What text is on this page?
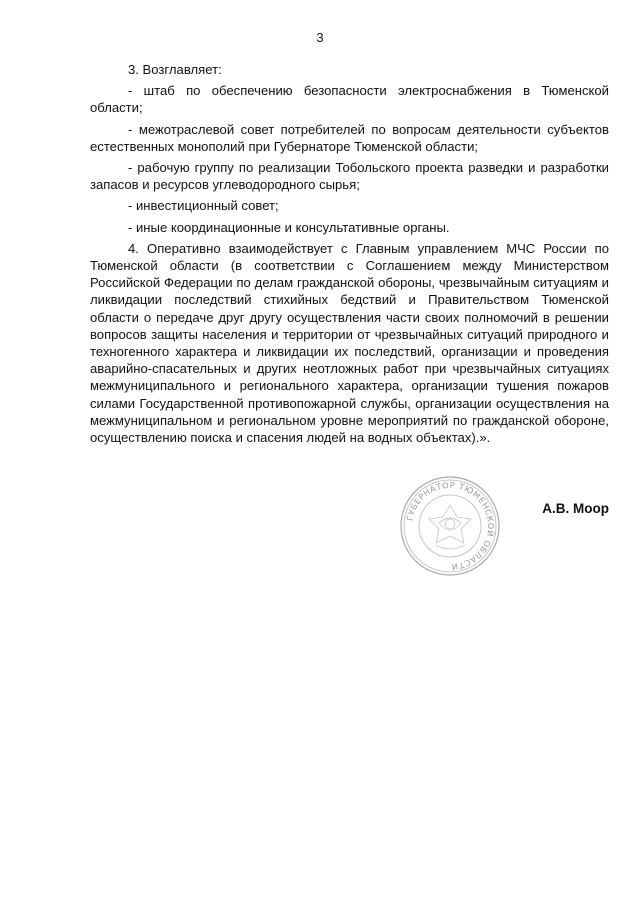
3

3. Возглавляет:

- штаб по обеспечению безопасности электроснабжения в Тюменской области;

- межотраслевой совет потребителей по вопросам деятельности субъектов естественных монополий при Губернаторе Тюменской области;

- рабочую группу по реализации Тобольского проекта разведки и разработки запасов и ресурсов углеводородного сырья;

- инвестиционный совет;

- иные координационные и консультативные органы.

4. Оперативно взаимодействует с Главным управлением МЧС России по Тюменской области (в соответствии с Соглашением между Министерством Российской Федерации по делам гражданской обороны, чрезвычайным ситуациям и ликвидации последствий стихийных бедствий и Правительством Тюменской области о передаче друг другу осуществления части своих полномочий в решении вопросов защиты населения и территории от чрезвычайных ситуаций природного и техногенного характера и ликвидации их последствий, организации и проведения аварийно-спасательных и других неотложных работ при чрезвычайных ситуациях межмуниципального и регионального характера, организации тушения пожаров силами Государственной противопожарной службы, организации осуществления на межмуниципальном и региональном уровне мероприятий по гражданской обороне, осуществлению поиска и спасения людей на водных объектах).».

ГУБЕРНАТОР ТЮМЕНСКОЙ ОБЛАСТИ
А.В. Моор
